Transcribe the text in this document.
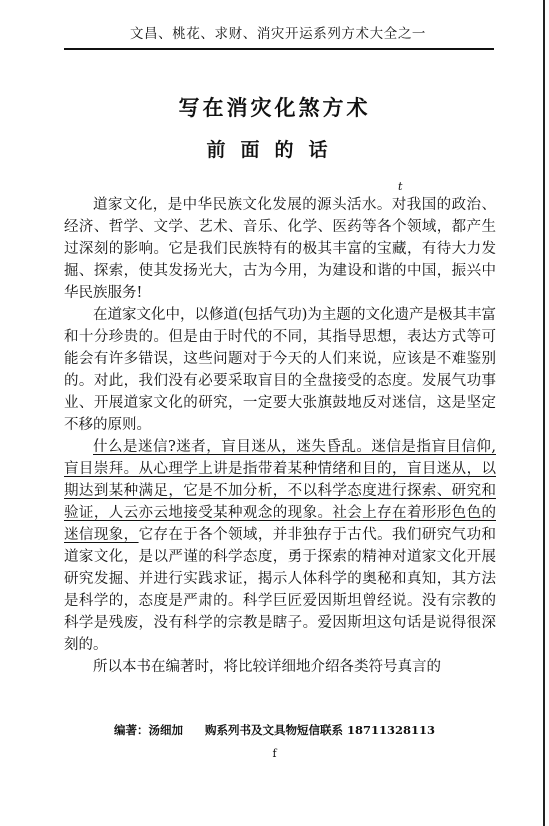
文昌、桃花、求财、消灾开运系列方术大全之一
写在消灾化煞方术
前面的话
t

道家文化，是中华民族文化发展的源头活水。对我国的政治、经济、哲学、文学、艺术、音乐、化学、医药等各个领域，都产生过深刻的影响。它是我们民族特有的极其丰富的宝藏，有待大力发掘、探索，使其发扬光大，古为今用，为建设和谐的中国，振兴中华民族服务!

在道家文化中，以修道(包括气功)为主题的文化遗产是极其丰富和十分珍贵的。但是由于时代的不同，其指导思想，表达方式等可能会有许多错误，这些问题对于今天的人们来说，应该是不难鉴别的。对此，我们没有必要采取盲目的全盘接受的态度。发展气功事业、开展道家文化的研究，一定要大张旗鼓地反对迷信，这是坚定不移的原则。

什么是迷信?迷者，盲目迷从，迷失昏乱。迷信是指盲目信仰,盲目崇拜。从心理学上讲是指带着某种情绪和目的，盲目迷从，以期达到某种满足，它是不加分析，不以科学态度进行探索、研究和验证，人云亦云地接受某种观念的现象。社会上存在着形形色色的迷信现象，它存在于各个领域，并非独存于古代。我们研究气功和道家文化，是以严谨的科学态度，勇于探索的精神对道家文化开展研究发掘、并进行实践求证，揭示人体科学的奥秘和真知，其方法是科学的，态度是严肃的。科学巨匠爱因斯坦曾经说。没有宗教的科学是残废，没有科学的宗教是瞎子。爱因斯坦这句话是说得很深刻的。

所以本书在编著时，将比较详细地介绍各类符号真言的

编著：汤细加 购系列书及文具物短信联系 18711328113
f
